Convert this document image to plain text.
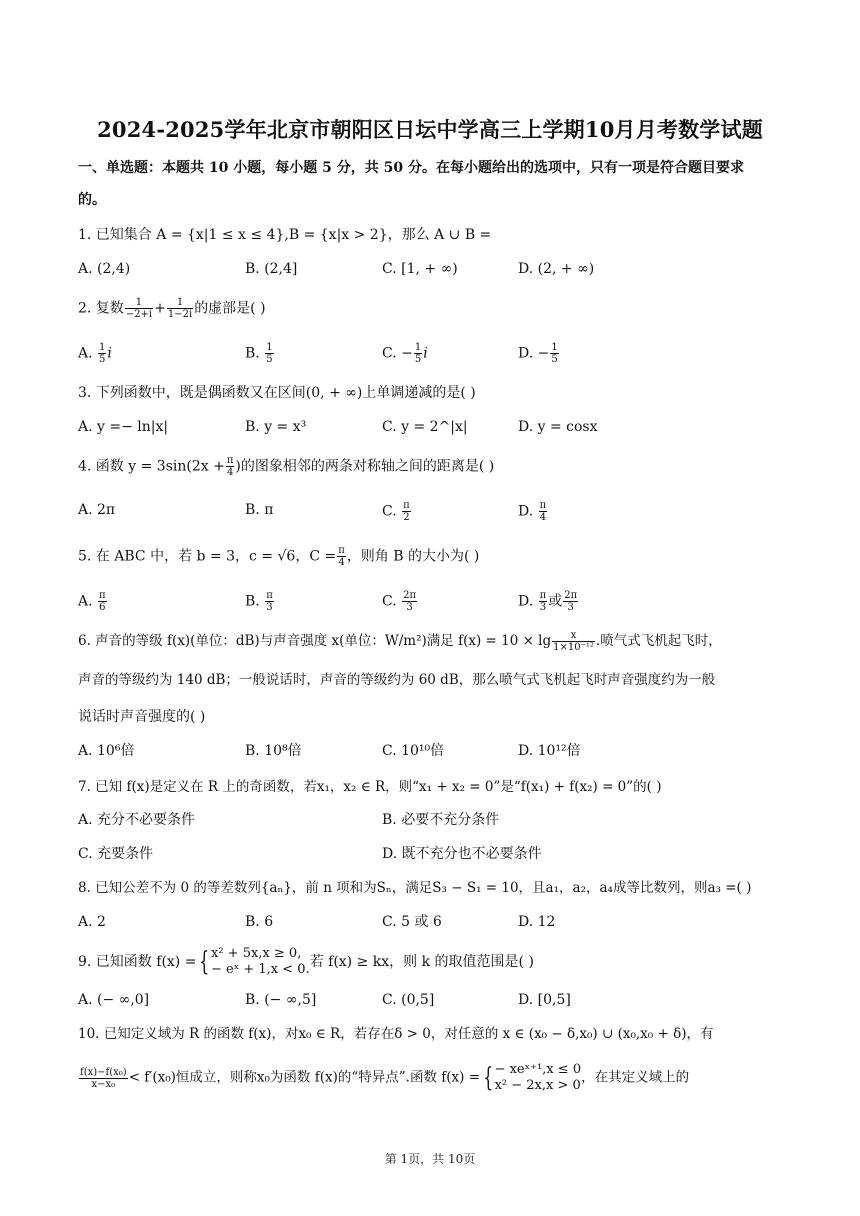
2024-2025学年北京市朝阳区日坛中学高三上学期10月月考数学试题
一、单选题：本题共 10 小题，每小题 5 分，共 50 分。在每小题给出的选项中，只有一项是符合题目要求
的。
1. 已知集合 A = {x|1 ≤ x ≤ 4},B = {x|x > 2}，那么 A ∪ B =
A. (2,4)	B. (2,4]	C. [1, + ∞)	D. (2, + ∞)
2. 复数 $\frac{1}{-2+i} + \frac{1}{1-2i}$ 的虚部是( )
A. $\frac{1}{5}$ i	B. $\frac{1}{5}$	C. − $\frac{1}{5}$ i	D. − $\frac{1}{5}$
3. 下列函数中，既是偶函数又在区间(0, + ∞)上单调递减的是( )
A. y =− ln|x|	B. y = x³	C. y = 2^|x|	D. y = cosx
4. 函数 $y = 3\sin(2x + \frac{\pi}{4}$ )的图象相邻的两条对称轴之间的距离是( )
A. 2π	B. π	C. $\frac{\pi}{2}$	D. $\frac{\pi}{4}$
5. 在 ABC 中，若 b = 3，c = √6，$C = \frac{\pi}{4}$ ，则角 B 的大小为( )
A. $\frac{\pi}{6}$	B. $\frac{\pi}{3}$	C. $\frac{2\pi}{3}$	D. $\frac{\pi}{3}$ 或 $\frac{2\pi}{3}$
6. 声音的等级 f(x)(单位：dB)与声音强度 x(单位：W/m²)满足 $f(x) = 10 \times \lg \frac{x}{\text{1×10⁻¹²}}$ .喷气式飞机起飞时，
声音的等级约为 140 dB；一般说话时，声音的等级约为 60 dB，那么喷气式飞机起飞时声音强度约为一般
说话时声音强度的( )
A. 10⁶倍	B. 10⁸倍	C. 10¹⁰倍	D. 10¹²倍
7. 已知 f(x)是定义在 R 上的奇函数，若x₁，x₂ ∈ R，则“x₁ + x₂ = 0”是“f(x₁) + f(x₂) = 0”的( )
A. 充分不必要条件	B. 必要不充分条件
C. 充要条件	D. 既不充分也不必要条件
8. 已知公差不为 0 的等差数列{aₙ}，前 n 项和为Sₙ，满足S₃ − S₁ = 10，且a₁，a₂，a₄成等比数列，则a₃ =( )
A. 2	B. 6	C. 5 或 6	D. 12
9. 已知函数 f(x) = { x² + 5x,x ≥ 0,
− eˣ + 1,x < 0. 若 f(x) ≥ kx，则 k 的取值范围是( )
A. (− ∞,0]	B. (− ∞,5]	C. (0,5]	D. [0,5]
10. 已知定义域为 R 的函数 f(x)，对x₀ ∈ R，若存在δ > 0，对任意的 x ∈ (x₀ − δ,x₀) ∪ (x₀,x₀ + δ)，有
$\frac{\text{f(x)−f(x₀)}}{\text{x−x₀}} < f'(x_0)$恒成立，则称x₀为函数 f(x)的“特异点”.函数 f(x) = { − xeˣ⁺¹,x ≤ 0
x² − 2x,x > 0 ，在其定义域上的
第 1页，共 10页
